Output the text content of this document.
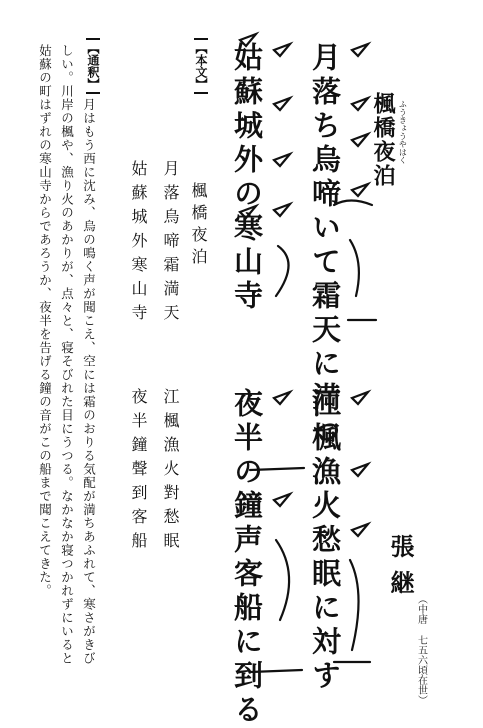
楓橋夜泊 ふうきょうやはく
張継
（中唐 七五六頃在世）
月落ち烏啼いて霜天に満つ
江楓漁火愁眠に対す
姑蘇城外の寒山寺
夜半の鐘声客船に到る
【本文】
楓橋夜泊
月落烏啼霜満天
江楓漁火對愁眠
姑蘇城外寒山寺
夜半鐘聲到客船
【通釈】
月はもう西に沈み、烏の鳴く声が聞こえ、空には霜のおりる気配が満ちあふれて、寒さがきび
しい。川岸の楓や、漁り火のあかりが、点々と、寝そびれた目にうつる。なかなか寝つかれずにいると
姑蘇の町はずれの寒山寺からであろうか、夜半を告げる鐘の音がこの船まで聞こえてきた。
